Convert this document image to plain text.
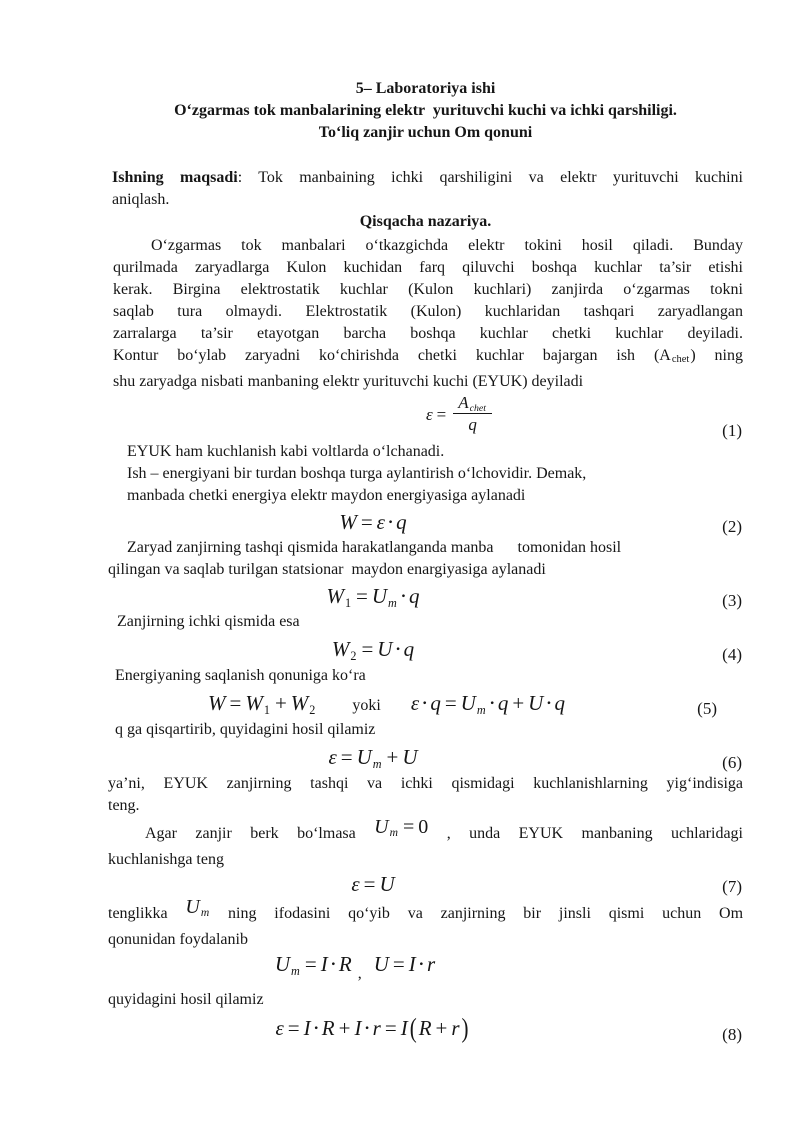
5– Laboratoriya ishi
O‘zgarmas tok manbalarining elektr  yurituvchi kuchi va ichki qarshiligi.
To‘liq zanjir uchun Om qonuni
Ishning maqsadi: Tok manbaining ichki qarshiligini va elektr yurituvchi kuchini
aniqlash.
Qisqacha nazariya.
O‘zgarmas tok manbalari o‘tkazgichda elektr tokini hosil qiladi. Bunday
qurilmada zaryadlarga Kulon kuchidan farq qiluvchi boshqa kuchlar ta’sir etishi
kerak. Birgina elektrostatik kuchlar (Kulon kuchlari) zanjirda o‘zgarmas tokni
saqlab tura olmaydi. Elektrostatik (Kulon) kuchlaridan tashqari zaryadlangan
zarralarga ta’sir etayotgan barcha boshqa kuchlar chetki kuchlar deyiladi.
Kontur bo‘ylab zaryadni ko‘chirishda chetki kuchlar bajargan ish $(A_{chet})$ ning
shu zaryadga nisbati manbaning elektr yurituvchi kuchi (EYUK) deyiladi
$\varepsilon = \frac{A_{chet}}{q}$	(1)
EYUK ham kuchlanish kabi voltlarda o‘lchanadi.
Ish – energiyani bir turdan boshqa turga aylantirish o‘lchovidir. Demak,
manbada chetki energiya elektr maydon energiyasiga aylanadi
W = ε⋅q	(2)
Zaryad zanjirning tashqi qismida harakatlanganda manba      tomonidan hosil
qilingan va saqlab turilgan statsionar  maydon enargiyasiga aylanadi
$W_1 = U_m \cdot q$	(3)
Zanjirning ichki qismida esa
$W_2 = U\cdot q$	(4)
Energiyaning saqlanish qonuniga ko‘ra
$W = W_1 + W_2$ yoki $\varepsilon\cdot q = U_m \cdot q + U\cdot q$	(5)
q ga qisqartirib, quyidagini hosil qilamiz
$\varepsilon = U_m + U$	(6)
ya’ni, EYUK zanjirning tashqi va ichki qismidagi kuchlanishlarning yig‘indisiga
teng.
Agar zanjir berk bo‘lmasa $U_m = 0$ , unda EYUK manbaning uchlaridagi
kuchlanishga teng
ε = U	(7)
tenglikka $U_m$ ning ifodasini qo‘yib va zanjirning bir jinsli qismi uchun Om
qonunidan foydalanib
$U_m = I\cdot R$ $_,$ U = I⋅r
quyidagini hosil qilamiz
ε = I⋅R + I⋅r = I(R + r)	(8)
